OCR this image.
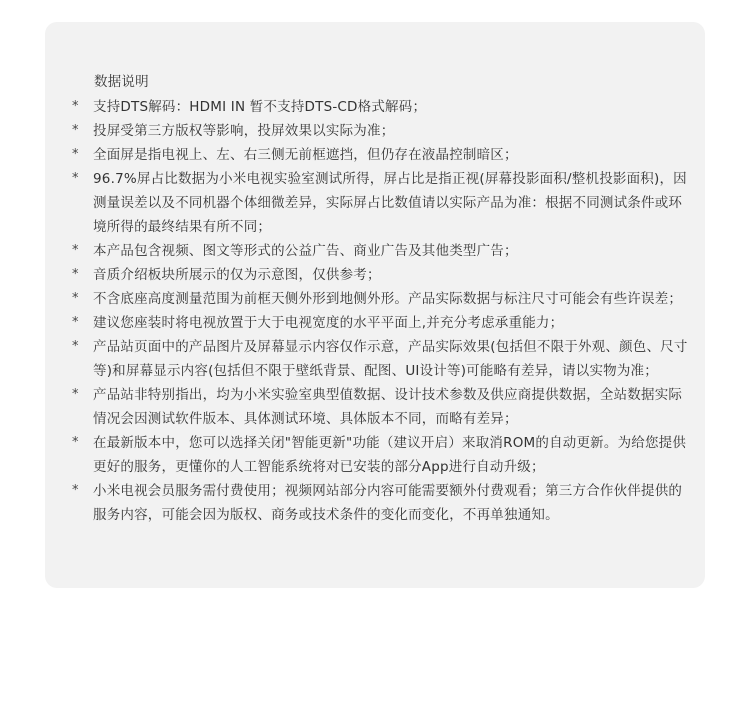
数据说明
*	支持DTS解码：HDMI IN 暂不支持DTS-CD格式解码；
*	投屏受第三方版权等影响，投屏效果以实际为准；
*	全面屏是指电视上、左、右三侧无前框遮挡，但仍存在液晶控制暗区；
*	96.7%屏占比数据为小米电视实验室测试所得，屏占比是指正视(屏幕投影面积/整机投影面积)，因测量误差以及不同机器个体细微差异，实际屏占比数值请以实际产品为准：根据不同测试条件或环境所得的最终结果有所不同；
*	本产品包含视频、图文等形式的公益广告、商业广告及其他类型广告；
*	音质介绍板块所展示的仅为示意图，仅供参考；
*	不含底座高度测量范围为前框天侧外形到地侧外形。产品实际数据与标注尺寸可能会有些许误差；
*	建议您座装时将电视放置于大于电视宽度的水平平面上,并充分考虑承重能力；
*	产品站页面中的产品图片及屏幕显示内容仅作示意，产品实际效果(包括但不限于外观、颜色、尺寸等)和屏幕显示内容(包括但不限于壁纸背景、配图、UI设计等)可能略有差异，请以实物为准；
*	产品站非特别指出，均为小米实验室典型值数据、设计技术参数及供应商提供数据，全站数据实际情况会因测试软件版本、具体测试环境、具体版本不同，而略有差异；
*	在最新版本中，您可以选择关闭"智能更新"功能（建议开启）来取消ROM的自动更新。为给您提供更好的服务，更懂你的人工智能系统将对已安装的部分App进行自动升级；
*	小米电视会员服务需付费使用；视频网站部分内容可能需要额外付费观看；第三方合作伙伴提供的服务内容，可能会因为版权、商务或技术条件的变化而变化，不再单独通知。
